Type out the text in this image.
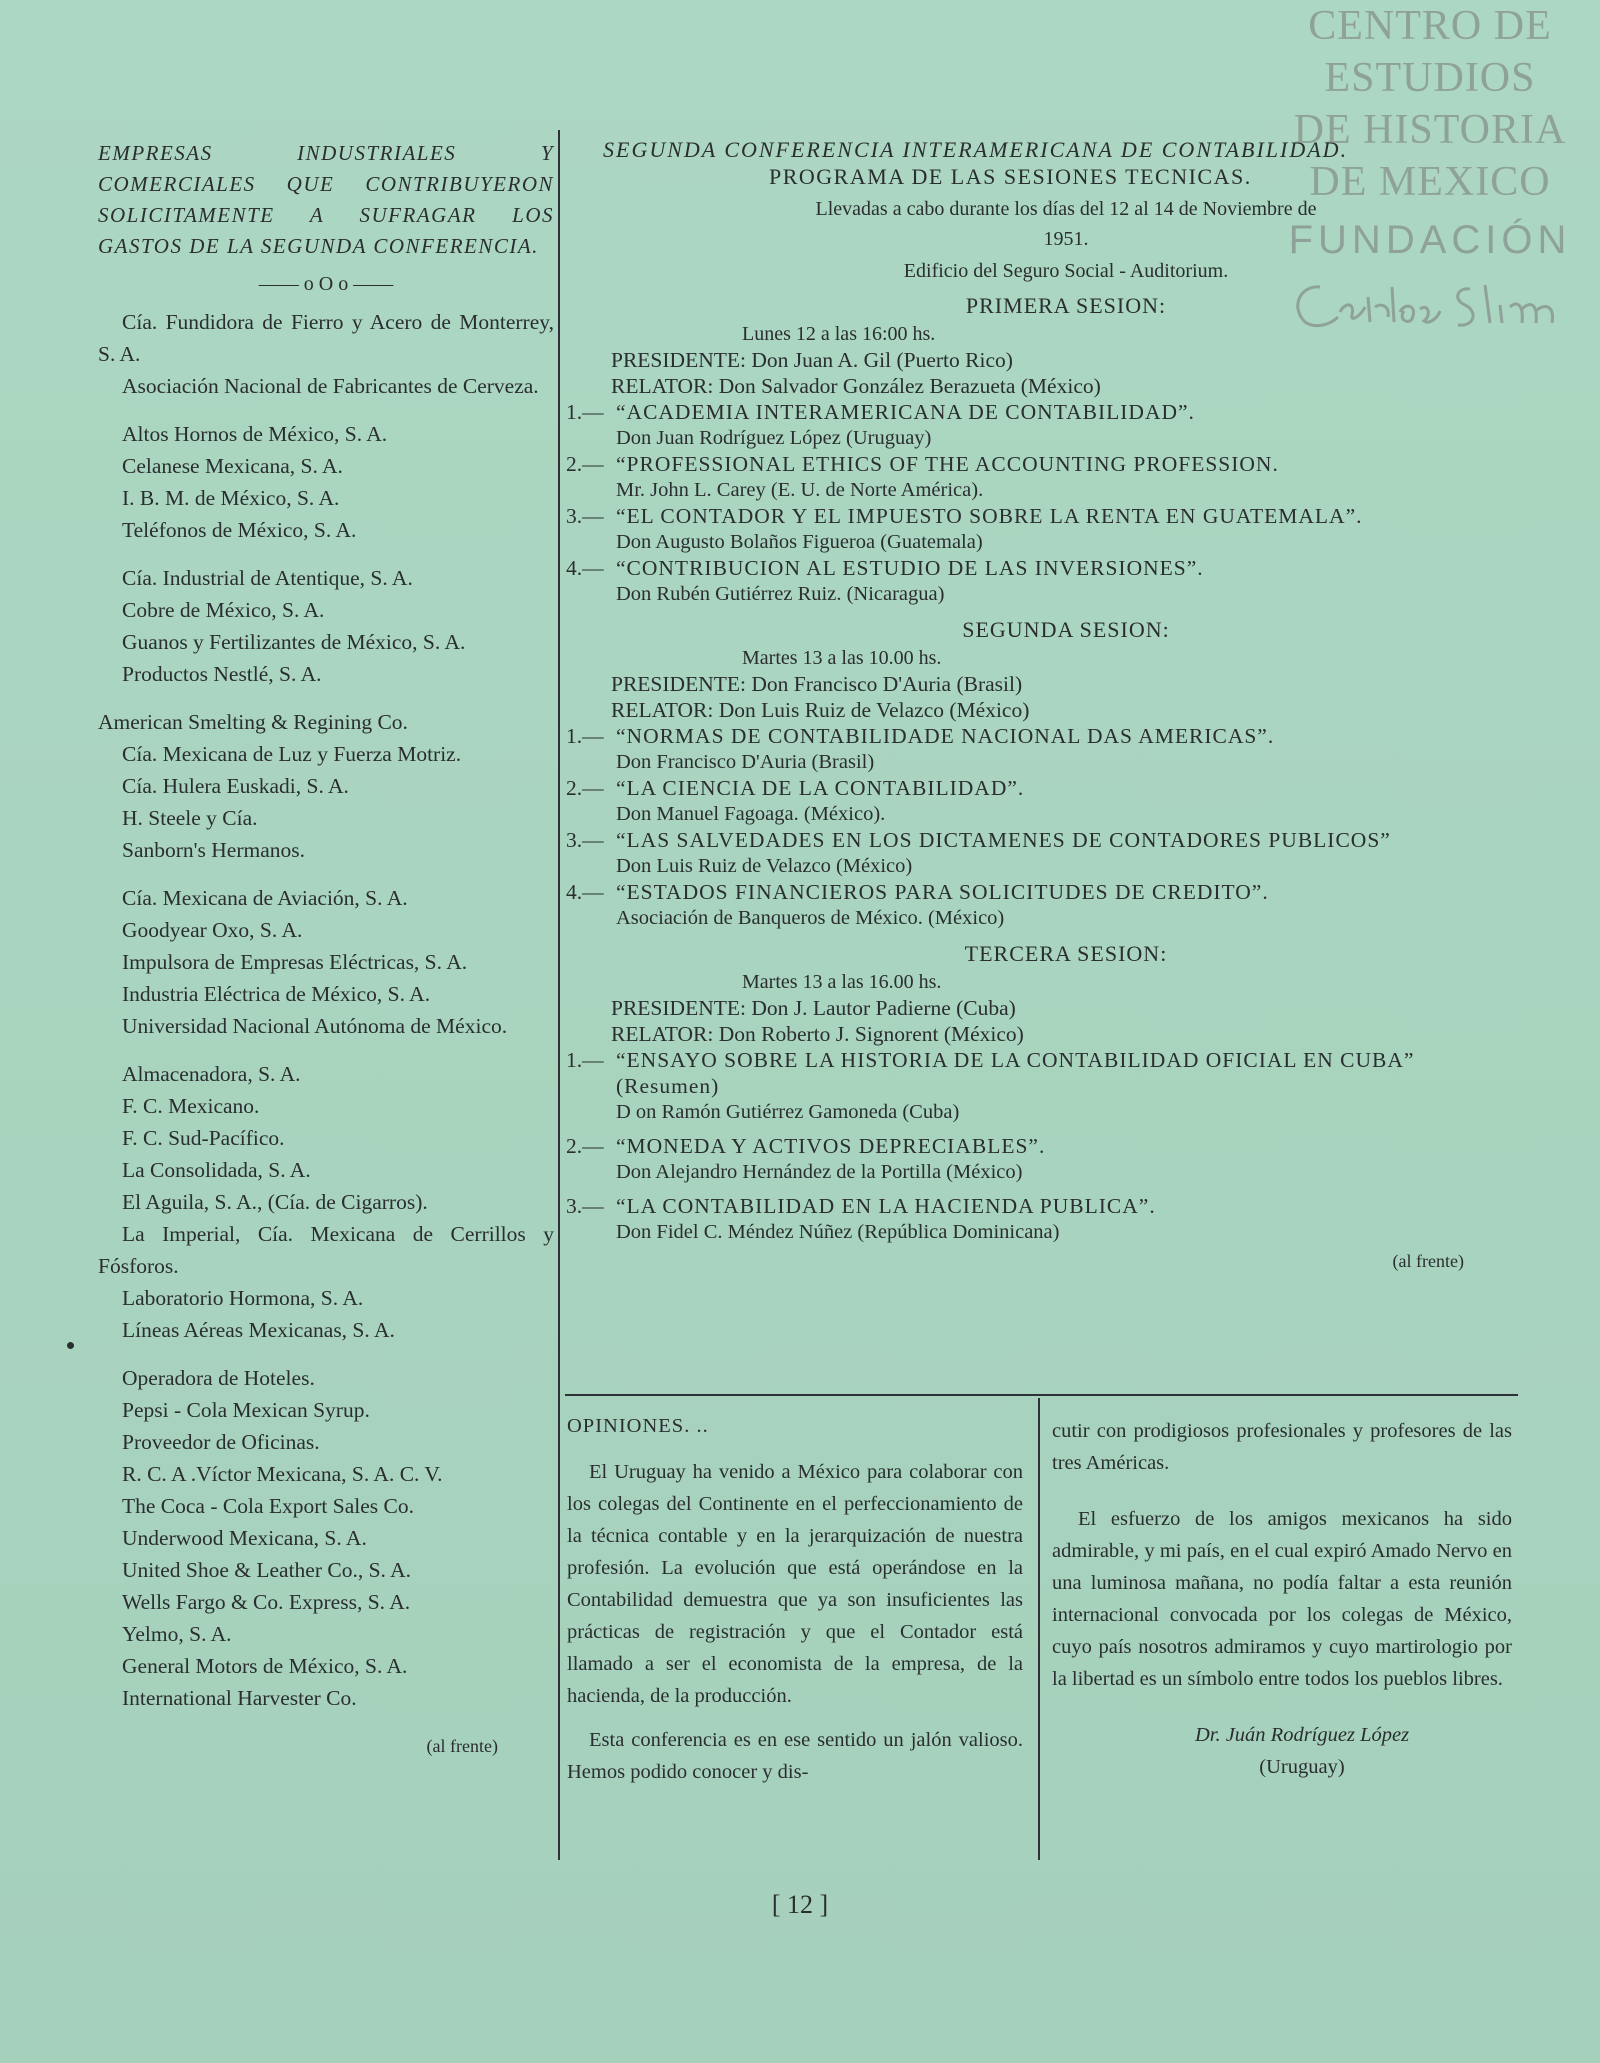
CENTRO DE
ESTUDIOS
DE HISTORIA
DE MEXICO
FUNDACIÓN
EMPRESAS INDUSTRIALES Y COMERCIALES QUE CONTRIBUYERON SOLICITAMENTE A SUFRAGAR LOS GASTOS DE LA SEGUNDA CONFERENCIA.
—— o O o ——
Cía. Fundidora de Fierro y Acero de Monterrey, S. A.
Asociación Nacional de Fabricantes de Cerveza.
Altos Hornos de México, S. A.
Celanese Mexicana, S. A.
I. B. M. de México, S. A.
Teléfonos de México, S. A.
Cía. Industrial de Atentique, S. A.
Cobre de México, S. A.
Guanos y Fertilizantes de México, S. A.
Productos Nestlé, S. A.
American Smelting & Regining Co.
Cía. Mexicana de Luz y Fuerza Motriz.
Cía. Hulera Euskadi, S. A.
H. Steele y Cía.
Sanborn's Hermanos.
Cía. Mexicana de Aviación, S. A.
Goodyear Oxo, S. A.
Impulsora de Empresas Eléctricas, S. A.
Industria Eléctrica de México, S. A.
Universidad Nacional Autónoma de México.
Almacenadora, S. A.
F. C. Mexicano.
F. C. Sud-Pacífico.
La Consolidada, S. A.
El Aguila, S. A., (Cía. de Cigarros).
La Imperial, Cía. Mexicana de Cerrillos y Fósforos.
Laboratorio Hormona, S. A.
Líneas Aéreas Mexicanas, S. A.
Operadora de Hoteles.
Pepsi - Cola Mexican Syrup.
Proveedor de Oficinas.
R. C. A .Víctor Mexicana, S. A. C. V.
The Coca - Cola Export Sales Co.
Underwood Mexicana, S. A.
United Shoe & Leather Co., S. A.
Wells Fargo & Co. Express, S. A.
Yelmo, S. A.
General Motors de México, S. A.
International Harvester Co.
(al frente)
SEGUNDA CONFERENCIA INTERAMERICANA DE CONTABILIDAD.
PROGRAMA DE LAS SESIONES TECNICAS.
Llevadas a cabo durante los días del 12 al 14 de Noviembre de 1951.
Edificio del Seguro Social - Auditorium.
PRIMERA SESION:
Lunes 12 a las 16:00 hs.
PRESIDENTE: Don Juan A. Gil (Puerto Rico)
RELATOR: Don Salvador González Berazueta (México)
1.— “ACADEMIA INTERAMERICANA DE CONTABILIDAD”.
Don Juan Rodríguez López (Uruguay)
2.— “PROFESSIONAL ETHICS OF THE ACCOUNTING PROFESSION.
Mr. John L. Carey (E. U. de Norte América).
3.— “EL CONTADOR Y EL IMPUESTO SOBRE LA RENTA EN GUATEMALA”.
Don Augusto Bolaños Figueroa (Guatemala)
4.— “CONTRIBUCION AL ESTUDIO DE LAS INVERSIONES”.
Don Rubén Gutiérrez Ruiz. (Nicaragua)
SEGUNDA SESION:
Martes 13 a las 10.00 hs.
PRESIDENTE: Don Francisco D'Auria (Brasil)
RELATOR: Don Luis Ruiz de Velazco (México)
1.— “NORMAS DE CONTABILIDADE NACIONAL DAS AMERICAS”.
Don Francisco D'Auria (Brasil)
2.— “LA CIENCIA DE LA CONTABILIDAD”.
Don Manuel Fagoaga. (México).
3.— “LAS SALVEDADES EN LOS DICTAMENES DE CONTADORES PUBLICOS”
Don Luis Ruiz de Velazco (México)
4.— “ESTADOS FINANCIEROS PARA SOLICITUDES DE CREDITO”.
Asociación de Banqueros de México. (México)
TERCERA SESION:
Martes 13 a las 16.00 hs.
PRESIDENTE: Don J. Lautor Padierne (Cuba)
RELATOR: Don Roberto J. Signorent (México)
1.— “ENSAYO SOBRE LA HISTORIA DE LA CONTABILIDAD OFICIAL EN CUBA” (Resumen)
D on Ramón Gutiérrez Gamoneda (Cuba)
2.— “MONEDA Y ACTIVOS DEPRECIABLES”.
Don Alejandro Hernández de la Portilla (México)
3.— “LA CONTABILIDAD EN LA HACIENDA PUBLICA”.
Don Fidel C. Méndez Núñez (República Dominicana)
(al frente)
OPINIONES. ..

El Uruguay ha venido a México para colaborar con los colegas del Continente en el perfeccionamiento de la técnica contable y en la jerarquización de nuestra profesión. La evolución que está operándose en la Contabilidad demuestra que ya son insuficientes las prácticas de registración y que el Contador está llamado a ser el economista de la empresa, de la hacienda, de la producción.

Esta conferencia es en ese sentido un jalón valioso. Hemos podido conocer y dis-

cutir con prodigiosos profesionales y profesores de las tres Américas.

El esfuerzo de los amigos mexicanos ha sido admirable, y mi país, en el cual expiró Amado Nervo en una luminosa mañana, no podía faltar a esta reunión internacional convocada por los colegas de México, cuyo país nosotros admiramos y cuyo martirologio por la libertad es un símbolo entre todos los pueblos libres.

Dr. Juán Rodríguez López
(Uruguay)
[ 12 ]
